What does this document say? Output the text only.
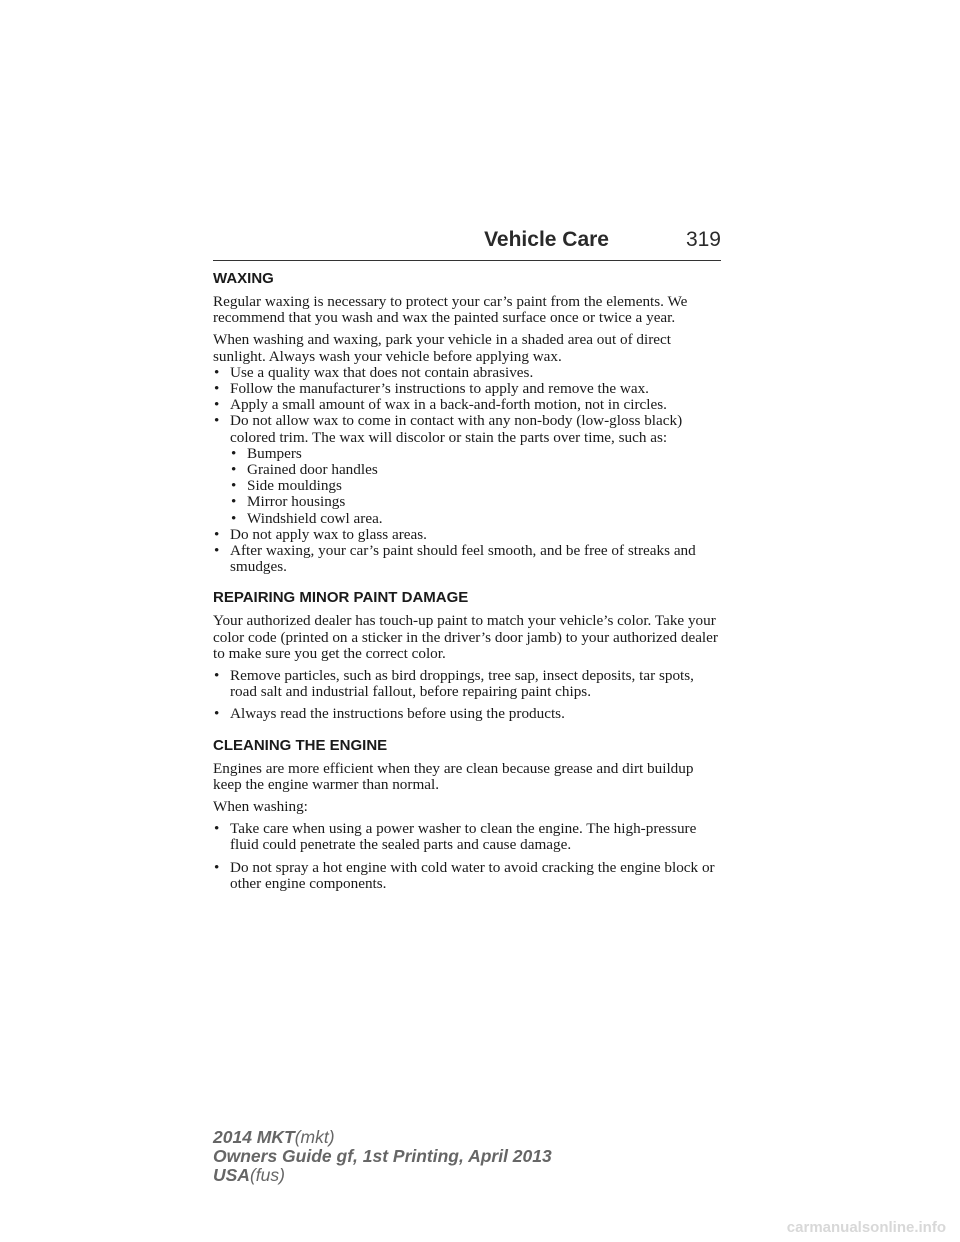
Vehicle Care	319
WAXING

Regular waxing is necessary to protect your car’s paint from the elements. We recommend that you wash and wax the painted surface once or twice a year.

When washing and waxing, park your vehicle in a shaded area out of direct sunlight. Always wash your vehicle before applying wax.

• Use a quality wax that does not contain abrasives.
• Follow the manufacturer’s instructions to apply and remove the wax.
• Apply a small amount of wax in a back-and-forth motion, not in circles.
• Do not allow wax to come in contact with any non-body (low-gloss black) colored trim. The wax will discolor or stain the parts over time, such as:
• Bumpers
• Grained door handles
• Side mouldings
• Mirror housings
• Windshield cowl area.
• Do not apply wax to glass areas.
• After waxing, your car’s paint should feel smooth, and be free of streaks and smudges.
REPAIRING MINOR PAINT DAMAGE

Your authorized dealer has touch-up paint to match your vehicle’s color. Take your color code (printed on a sticker in the driver’s door jamb) to your authorized dealer to make sure you get the correct color.

• Remove particles, such as bird droppings, tree sap, insect deposits, tar spots, road salt and industrial fallout, before repairing paint chips.
• Always read the instructions before using the products.
CLEANING THE ENGINE

Engines are more efficient when they are clean because grease and dirt buildup keep the engine warmer than normal.

When washing:

• Take care when using a power washer to clean the engine. The high-pressure fluid could penetrate the sealed parts and cause damage.
• Do not spray a hot engine with cold water to avoid cracking the engine block or other engine components.
2014 MKT(mkt)
Owners Guide gf, 1st Printing, April 2013
USA(fus)
carmanualsonline.info
